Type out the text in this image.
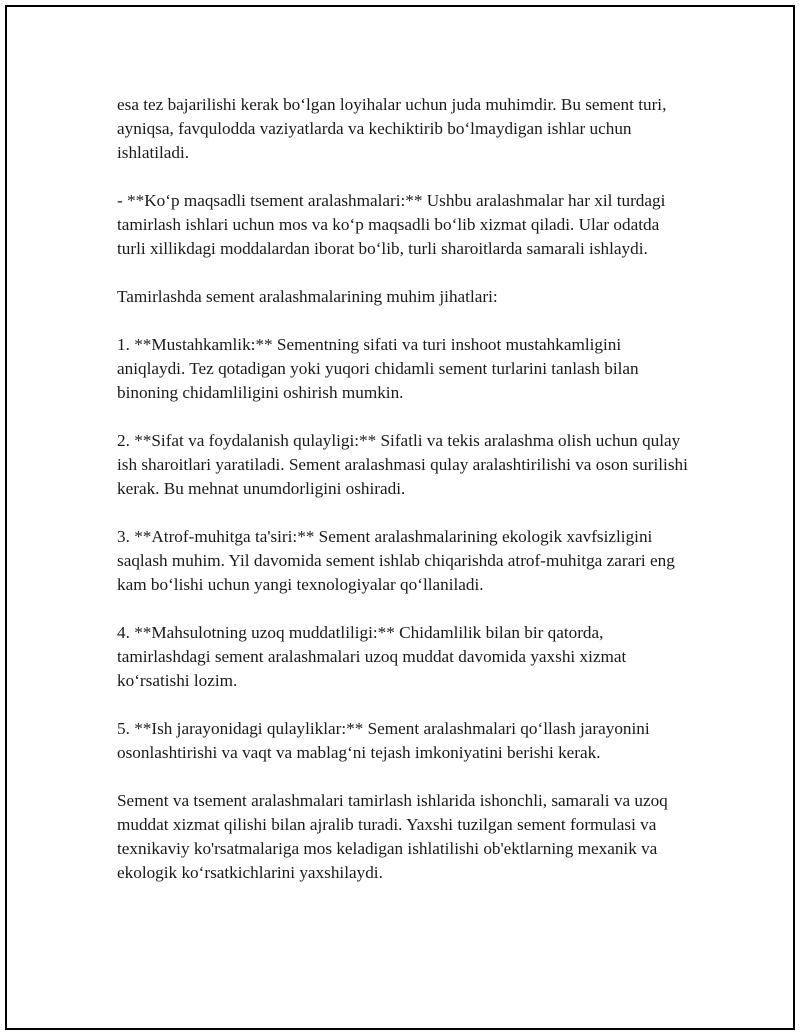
esa tez bajarilishi kerak bo‘lgan loyihalar uchun juda muhimdir. Bu sement turi, ayniqsa, favqulodda vaziyatlarda va kechiktirib bo‘lmaydigan ishlar uchun ishlatiladi.

- **Ko‘p maqsadli tsement aralashmalari:** Ushbu aralashmalar har xil turdagi tamirlash ishlari uchun mos va ko‘p maqsadli bo‘lib xizmat qiladi. Ular odatda turli xillikdagi moddalardan iborat bo‘lib, turli sharoitlarda samarali ishlaydi.

Tamirlashda sement aralashmalarining muhim jihatlari:

1. **Mustahkamlik:** Sementning sifati va turi inshoot mustahkamligini aniqlaydi. Tez qotadigan yoki yuqori chidamli sement turlarini tanlash bilan binoning chidamliligini oshirish mumkin.

2. **Sifat va foydalanish qulayligi:** Sifatli va tekis aralashma olish uchun qulay ish sharoitlari yaratiladi. Sement aralashmasi qulay aralashtirilishi va oson surilishi kerak. Bu mehnat unumdorligini oshiradi.

3. **Atrof-muhitga ta'siri:** Sement aralashmalarining ekologik xavfsizligini saqlash muhim. Yil davomida sement ishlab chiqarishda atrof-muhitga zarari eng kam bo‘lishi uchun yangi texnologiyalar qo‘llaniladi.

4. **Mahsulotning uzoq muddatliligi:** Chidamlilik bilan bir qatorda, tamirlashdagi sement aralashmalari uzoq muddat davomida yaxshi xizmat ko‘rsatishi lozim.

5. **Ish jarayonidagi qulayliklar:** Sement aralashmalari qo‘llash jarayonini osonlashtirishi va vaqt va mablag‘ni tejash imkoniyatini berishi kerak.

Sement va tsement aralashmalari tamirlash ishlarida ishonchli, samarali va uzoq muddat xizmat qilishi bilan ajralib turadi. Yaxshi tuzilgan sement formulasi va texnikaviy ko'rsatmalariga mos keladigan ishlatilishi ob'ektlarning mexanik va ekologik ko‘rsatkichlarini yaxshilaydi.
